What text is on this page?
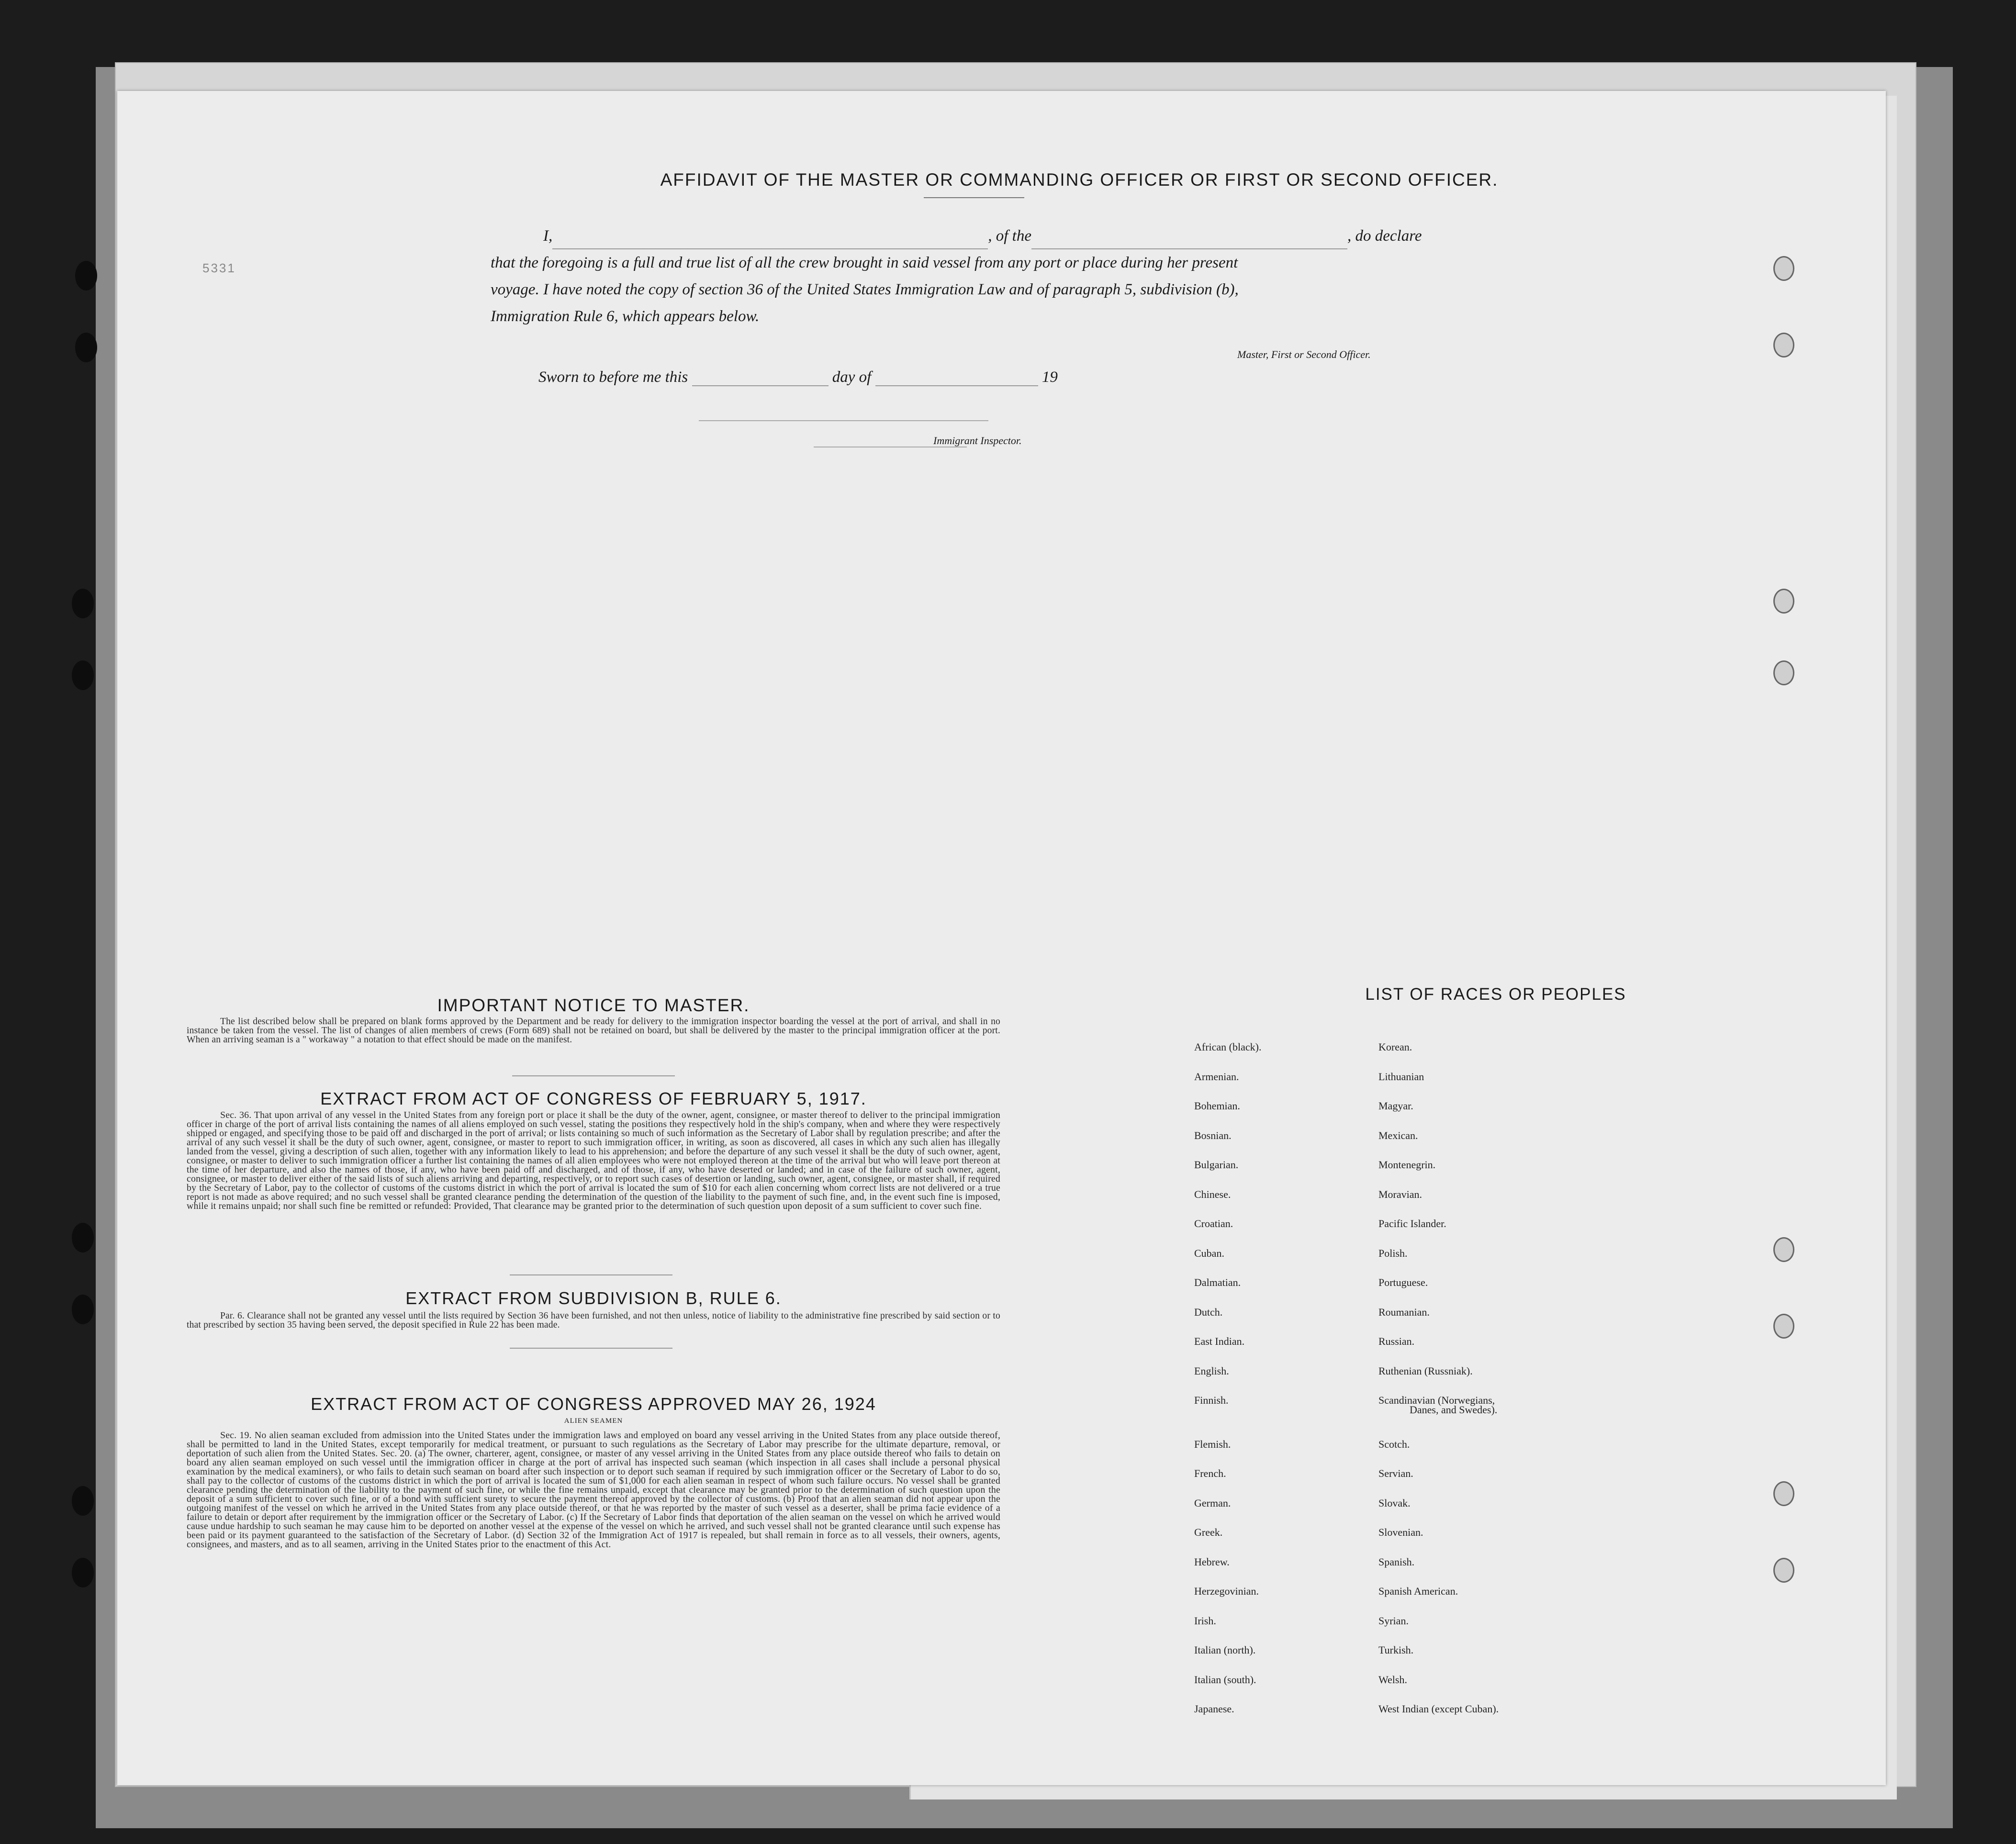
5331
AFFIDAVIT OF THE MASTER OR COMMANDING OFFICER OR FIRST OR SECOND OFFICER.
I,	, of the	, do declare
that the foregoing is a full and true list of all the crew brought in said vessel from any port or place during her present
voyage. I have noted the copy of section 36 of the United States Immigration Law and of paragraph 5, subdivision (b),
Immigration Rule 6, which appears below.
Master, First or Second Officer.
Sworn to before me this	day of	19
Immigrant Inspector.
IMPORTANT NOTICE TO MASTER.
The list described below shall be prepared on blank forms approved by the Department and be ready for delivery to the immigration inspector boarding the vessel at the port of arrival, and shall in no instance be taken from the vessel. The list of changes of alien members of crews (Form 689) shall not be retained on board, but shall be delivered by the master to the principal immigration officer at the port. When an arriving seaman is a " workaway " a notation to that effect should be made on the manifest.
EXTRACT FROM ACT OF CONGRESS OF FEBRUARY 5, 1917.
Sec. 36. That upon arrival of any vessel in the United States from any foreign port or place it shall be the duty of the owner, agent, consignee, or master thereof to deliver to the principal immigration officer in charge of the port of arrival lists containing the names of all aliens employed on such vessel, stating the positions they respectively hold in the ship's company, when and where they were respectively shipped or engaged, and specifying those to be paid off and discharged in the port of arrival; or lists containing so much of such information as the Secretary of Labor shall by regulation prescribe; and after the arrival of any such vessel it shall be the duty of such owner, agent, consignee, or master to report to such immigration officer, in writing, as soon as discovered, all cases in which any such alien has illegally landed from the vessel, giving a description of such alien, together with any information likely to lead to his apprehension; and before the departure of any such vessel it shall be the duty of such owner, agent, consignee, or master to deliver to such immigration officer a further list containing the names of all alien employees who were not employed thereon at the time of the arrival but who will leave port thereon at the time of her departure, and also the names of those, if any, who have been paid off and discharged, and of those, if any, who have deserted or landed; and in case of the failure of such owner, agent, consignee, or master to deliver either of the said lists of such aliens arriving and departing, respectively, or to report such cases of desertion or landing, such owner, agent, consignee, or master shall, if required by the Secretary of Labor, pay to the collector of customs of the customs district in which the port of arrival is located the sum of $10 for each alien concerning whom correct lists are not delivered or a true report is not made as above required; and no such vessel shall be granted clearance pending the determination of the question of the liability to the payment of such fine, and, in the event such fine is imposed, while it remains unpaid; nor shall such fine be remitted or refunded: Provided, That clearance may be granted prior to the determination of such question upon deposit of a sum sufficient to cover such fine.
EXTRACT FROM SUBDIVISION B, RULE 6.
Par. 6. Clearance shall not be granted any vessel until the lists required by Section 36 have been furnished, and not then unless, notice of liability to the administrative fine prescribed by said section or to that prescribed by section 35 having been served, the deposit specified in Rule 22 has been made.
EXTRACT FROM ACT OF CONGRESS APPROVED MAY 26, 1924
ALIEN SEAMEN
Sec. 19. No alien seaman excluded from admission into the United States under the immigration laws and employed on board any vessel arriving in the United States from any place outside thereof, shall be permitted to land in the United States, except temporarily for medical treatment, or pursuant to such regulations as the Secretary of Labor may prescribe for the ultimate departure, removal, or deportation of such alien from the United States. Sec. 20. (a) The owner, charterer, agent, consignee, or master of any vessel arriving in the United States from any place outside thereof who fails to detain on board any alien seaman employed on such vessel until the immigration officer in charge at the port of arrival has inspected such seaman (which inspection in all cases shall include a personal physical examination by the medical examiners), or who fails to detain such seaman on board after such inspection or to deport such seaman if required by such immigration officer or the Secretary of Labor to do so, shall pay to the collector of customs of the customs district in which the port of arrival is located the sum of $1,000 for each alien seaman in respect of whom such failure occurs. No vessel shall be granted clearance pending the determination of the liability to the payment of such fine, or while the fine remains unpaid, except that clearance may be granted prior to the determination of such question upon the deposit of a sum sufficient to cover such fine, or of a bond with sufficient surety to secure the payment thereof approved by the collector of customs. (b) Proof that an alien seaman did not appear upon the outgoing manifest of the vessel on which he arrived in the United States from any place outside thereof, or that he was reported by the master of such vessel as a deserter, shall be prima facie evidence of a failure to detain or deport after requirement by the immigration officer or the Secretary of Labor. (c) If the Secretary of Labor finds that deportation of the alien seaman on the vessel on which he arrived would cause undue hardship to such seaman he may cause him to be deported on another vessel at the expense of the vessel on which he arrived, and such vessel shall not be granted clearance until such expense has been paid or its payment guaranteed to the satisfaction of the Secretary of Labor. (d) Section 32 of the Immigration Act of 1917 is repealed, but shall remain in force as to all vessels, their owners, agents, consignees, and masters, and as to all seamen, arriving in the United States prior to the enactment of this Act.
LIST OF RACES OR PEOPLES
Danes, and Swedes).
African (black).
Armenian.
Bohemian.
Bosnian.
Bulgarian.
Chinese.
Croatian.
Cuban.
Dalmatian.
Dutch.
East Indian.
English.
Finnish.
Flemish.
French.
German.
Greek.
Hebrew.
Herzegovinian.
Irish.
Italian (north).
Italian (south).
Japanese.
Korean.
Lithuanian
Magyar.
Mexican.
Montenegrin.
Moravian.
Pacific Islander.
Polish.
Portuguese.
Roumanian.
Russian.
Ruthenian (Russniak).
Scandinavian (Norwegians,
Scotch.
Servian.
Slovak.
Slovenian.
Spanish.
Spanish American.
Syrian.
Turkish.
Welsh.
West Indian (except Cuban).
